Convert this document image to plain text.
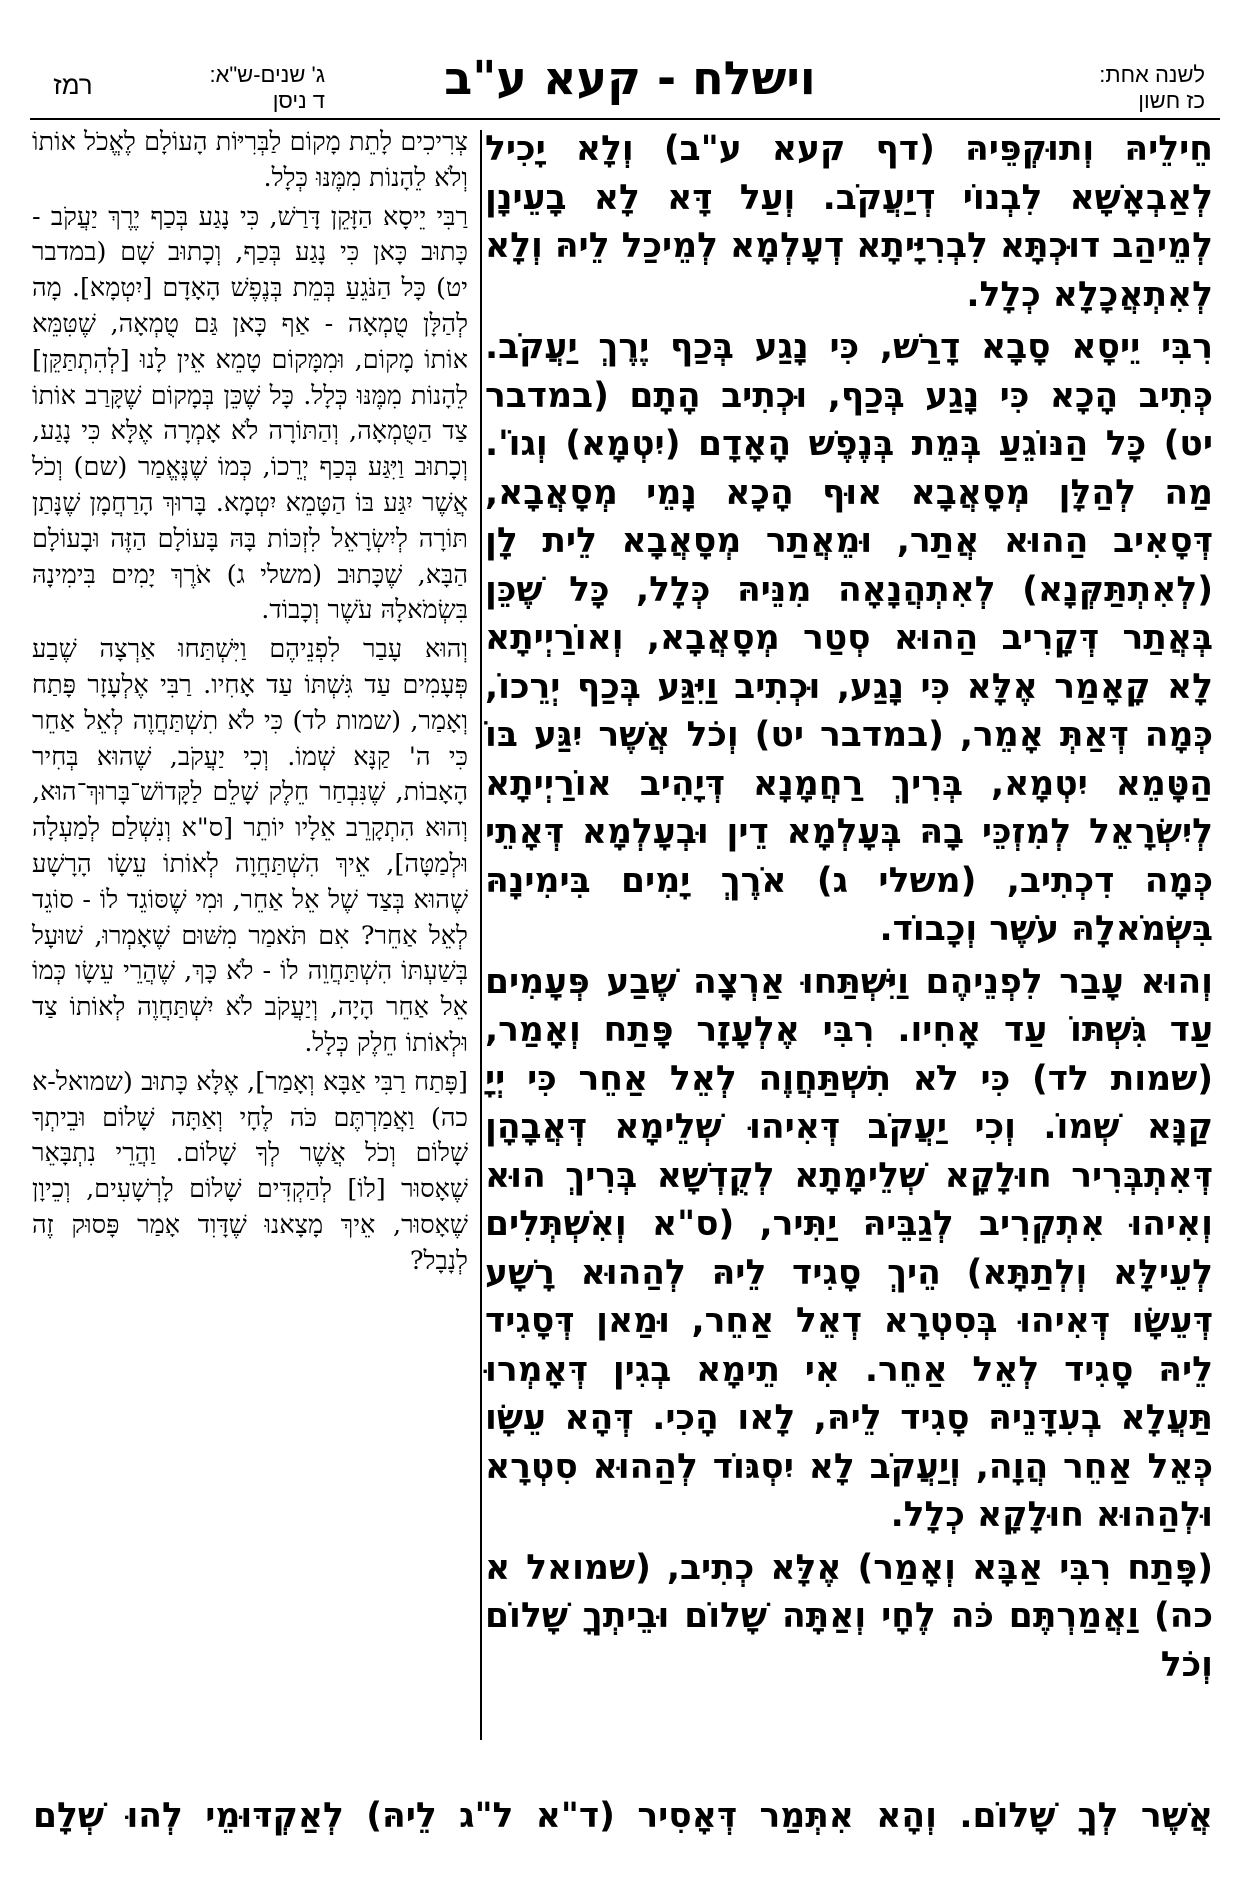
לשנה אחת:
כז חשון
וישלח - קעא ע"ב
ג' שנים-ש"א:
ד ניסן
רמז

חֵילֵיהּ וְתוּקְפֵּיהּ (דף קעא ע"ב) וְלָא יָכִיל לְאַבְאָשָׁא לִבְנוֹי דְיַעֲקֹב. וְעַל דָּא לָא בָעֵינָן לְמֵיהַב דוּכְתָּא לִבְרִיָּיתָא דְעָלְמָא לְמֵיכַל לֵיהּ וְלָא לְאִתְאֲכָלָא כְלָל.

רִבִּי יֵיסָא סָבָא דָרַשׁ, כִּי נָגַע בְּכַף יֶרֶךְ יַעֲקֹב. כְּתִיב הָכָא כִּי נָגַע בְּכַף, וּכְתִיב הָתָם (במדבר יט) כָּל הַנּוֹגֵעַ בְּמֵת בְּנֶפֶשׁ הָאָדָם (יִטְמָא) וְגוֹ'. מַה לְהַלָּן מְסָאֲבָא אוּף הָכָא נָמֵי מְסָאֲבָא, דְּסָאִיב הַהוּא אֲתַר, וּמֵאֲתַר מְסָאֲבָא לֵית לָן (לְאִתְתַּקְּנָא) לְאִתְהֲנָאָה מִנֵּיהּ כְּלָל, כָּל שֶׁכֵּן בְּאֲתַר דְּקָרִיב הַהוּא סְטַר מְסָאֲבָא, וְאוֹרַיְיתָא לָא קָאָמַר אֶלָּא כִּי נָגַע, וּכְתִיב וַיִּגַּע בְּכַף יְרֵכוֹ, כְּמָה דְּאַתְּ אָמֵר, (במדבר יט) וְכֹל אֲשֶׁר יִגַּע בּוֹ הַטָּמֵא יִטְמָא, בְּרִיךְ רַחֲמָנָא דְּיָהִיב אוֹרַיְיתָא לְיִשְׂרָאֵל לְמִזְכֵּי בָהּ בְּעָלְמָא דֵין וּבְעָלְמָא דְּאָתֵי כְּמָה דִכְתִיב, (משלי ג) אֹרֶךְ יָמִים בִּימִינָהּ בִּשְׂמֹאלָהּ עֹשֶׁר וְכָבוֹד.

וְהוּא עָבַר לִפְנֵיהֶם וַיִּשְׁתַּחוּ אַרְצָה שֶׁבַע פְּעָמִים עַד גִּשְׁתּוֹ עַד אָחִיו. רִבִּי אֶלְעָזָר פָּתַח וְאָמַר, (שמות לד) כִּי לֹא תִשְׁתַּחֲוֶה לְאֵל אַחֵר כִּי יְיָ קַנָּא שְׁמוֹ. וְכִי יַעֲקֹב דְּאִיהוּ שְׁלֵימָא דְּאֲבָהָן דְּאִתְבְּרִיר חוּלָקָא שְׁלֵימָתָא לְקֻדְשָׁא בְּרִיךְ הוּא וְאִיהוּ אִתְקְרִיב לְגַבֵּיהּ יַתִּיר, (ס"א וְאִשְׁתְּלִים לְעֵילָּא וְלְתַתָּא) הֵיךְ סָגִיד לֵיהּ לְהַהוּא רָשָׁע דְּעֵשָׂו דְּאִיהוּ בְּסִטְרָא דְאֵל אַחֵר, וּמַאן דְּסָגִיד לֵיהּ סָגִיד לְאֵל אַחֵר. אִי תֵימָא בְגִין דְּאָמְרוּ תַּעֲלָא בְעִדָּנֵיהּ סָגִיד לֵיהּ, לָאו הָכִי. דְּהָא עֵשָׂו כְּאֵל אַחֵר הֲוָה, וְיַעֲקֹב לָא יִסְגּוֹד לְהַהוּא סִטְרָא וּלְהַהוּא חוּלָקָא כְלָל.

(פָּתַח רִבִּי אַבָּא וְאָמַר) אֶלָּא כְתִיב, (שמואל א כה) וַאֲמַרְתֶּם כֹּה לֶחָי וְאַתָּה שָׁלוֹם וּבֵיתְךָ שָׁלוֹם וְכֹל

צְרִיכִים לָתֵת מָקוֹם לַבְּרִיּוֹת הָעוֹלָם לֶאֱכֹל אוֹתוֹ וְלֹא לֵהָנוֹת מִמֶּנּוּ כְּלָל.

רַבִּי יֵיסָא הַזָּקֵן דָּרַשׁ, כִּי נָגַע בְּכַף יֶרֶךְ יַעֲקֹב - כָּתוּב כָּאן כִּי נָגַע בְּכַף, וְכָתוּב שָׁם (במדבר יט) כָּל הַנֹּגֵעַ בְּמֵת בְּנֶפֶשׁ הָאָדָם [יִטְמָא]. מָה לְהַלָּן טֻמְאָה - אַף כָּאן גַּם טֻמְאָה, שֶׁטִּמֵּא אוֹתוֹ מָקוֹם, וּמִמָּקוֹם טָמֵא אֵין לָנוּ [לְהִתְתַּקֵּן] לֵהָנוֹת מִמֶּנּוּ כְּלָל. כָּל שֶׁכֵּן בְּמָקוֹם שֶׁקָּרַב אוֹתוֹ צַד הַטֻּמְאָה, וְהַתּוֹרָה לֹא אָמְרָה אֶלָּא כִּי נָגַע, וְכָתוּב וַיִּגַּע בְּכַף יְרֵכוֹ, כְּמוֹ שֶׁנֶּאֱמַר (שם) וְכֹל אֲשֶׁר יִגַּע בּוֹ הַטָּמֵא יִטְמָא. בָּרוּךְ הָרַחֲמָן שֶׁנָּתַן תּוֹרָה לְיִשְׂרָאֵל לִזְכּוֹת בָּהּ בָּעוֹלָם הַזֶּה וּבָעוֹלָם הַבָּא, שֶׁכָּתוּב (משלי ג) אֹרֶךְ יָמִים בִּימִינָהּ בִּשְׂמֹאלָהּ עֹשֶׁר וְכָבוֹד.

וְהוּא עָבַר לִפְנֵיהֶם וַיִּשְׁתַּחוּ אַרְצָה שֶׁבַע פְּעָמִים עַד גִּשְׁתּוֹ עַד אָחִיו. רַבִּי אֶלְעָזָר פָּתַח וְאָמַר, (שמות לד) כִּי לֹא תִשְׁתַּחֲוֶה לְאֵל אַחֵר כִּי ה' קַנָּא שְׁמוֹ. וְכִי יַעֲקֹב, שֶׁהוּא בְּחִיר הָאָבוֹת, שֶׁנִּבְחַר חֵלֶק שָׁלֵם לַקָּדוֹשׁ־בָּרוּךְ־הוּא, וְהוּא הִתְקָרֵב אֵלָיו יוֹתֵר [ס"א וְנִשְׁלַם לְמַעְלָה וּלְמַטָּה], אֵיךְ הִשְׁתַּחֲוָה לְאוֹתוֹ עֵשָׂו הָרָשָׁע שֶׁהוּא בְּצַד שֶׁל אֵל אַחֵר, וּמִי שֶׁסּוֹגֵד לוֹ - סוֹגֵד לְאֵל אַחֵר? אִם תֹּאמַר מִשּׁוּם שֶׁאָמְרוּ, שׁוּעָל בְּשַׁעְתּוֹ הִשְׁתַּחֲוֵה לוֹ - לֹא כָּךְ, שֶׁהֲרֵי עֵשָׂו כְּמוֹ אֵל אַחֵר הָיָה, וְיַעֲקֹב לֹא יִשְׁתַּחֲוֶה לְאוֹתוֹ צַד וּלְאוֹתוֹ חֵלֶק כְּלָל.

[פָּתַח רַבִּי אַבָּא וְאָמַר], אֶלָּא כָּתוּב (שמואל-א כה) וַאֲמַרְתֶּם כֹּה לֶחָי וְאַתָּה שָׁלוֹם וּבֵיתְךָ שָׁלוֹם וְכֹל אֲשֶׁר לְךָ שָׁלוֹם. וַהֲרֵי נִתְבָּאֵר שֶׁאָסוּר [לוֹ] לְהַקְדִּים שָׁלוֹם לָרְשָׁעִים, וְכֵיוָן שֶׁאָסוּר, אֵיךְ מָצָאנוּ שֶׁדָּוִד אָמַר פָּסוּק זֶה לְנָבָל?

אֲשֶׁר לְךָ שָׁלוֹם. וְהָא אִתְּמַר דְּאָסִיר (ד"א ל"ג לֵיהּ) לְאַקְדּוּמֵי לְהוּ שְׁלָם
